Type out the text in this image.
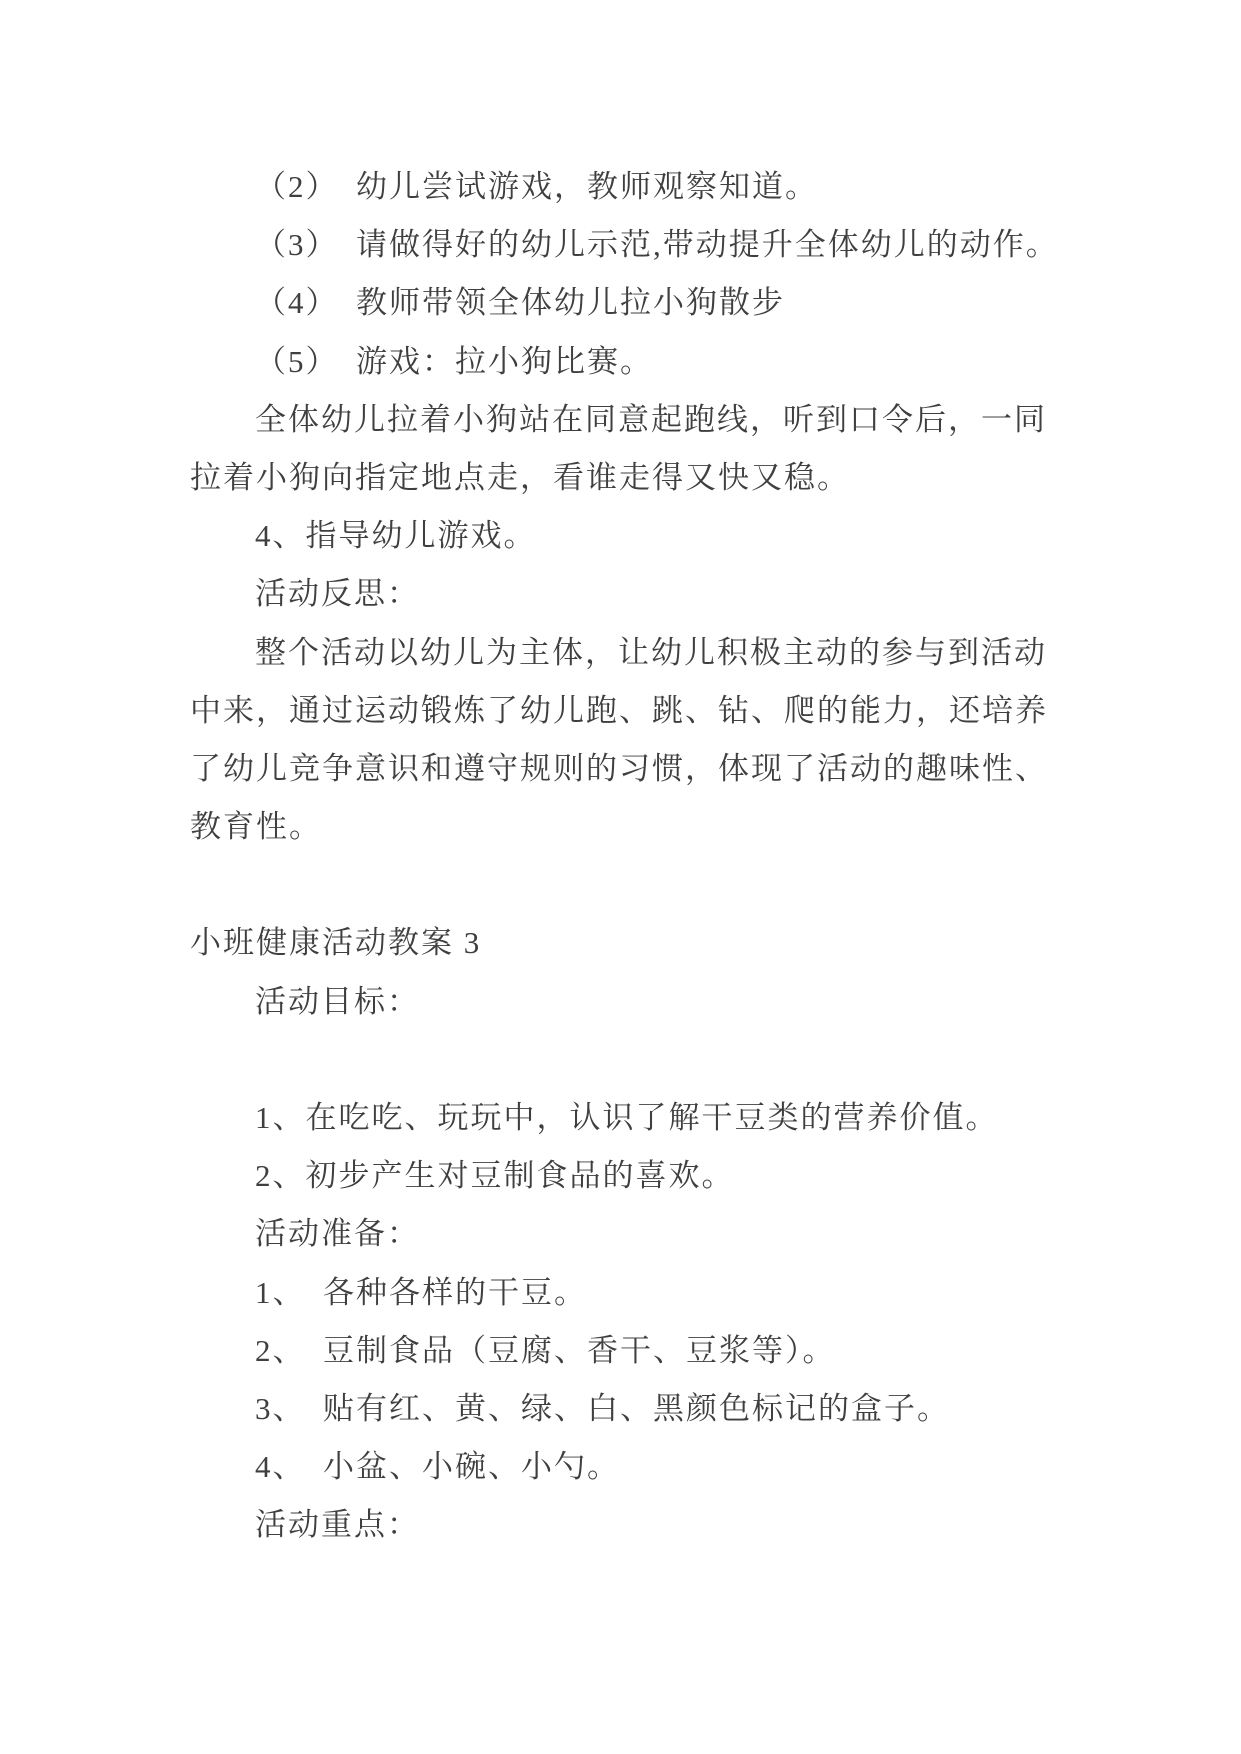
（2）　幼儿尝试游戏，教师观察知道。
（3）　请做得好的幼儿示范,带动提升全体幼儿的动作。
（4）　教师带领全体幼儿拉小狗散步
（5）　游戏：拉小狗比赛。
全体幼儿拉着小狗站在同意起跑线，听到口令后，一同
拉着小狗向指定地点走，看谁走得又快又稳。
4、指导幼儿游戏。
活动反思：
整个活动以幼儿为主体，让幼儿积极主动的参与到活动
中来，通过运动锻炼了幼儿跑、跳、钻、爬的能力，还培养
了幼儿竞争意识和遵守规则的习惯，体现了活动的趣味性、
教育性。
小班健康活动教案 3
活动目标：
1、在吃吃、玩玩中，认识了解干豆类的营养价值。
2、初步产生对豆制食品的喜欢。
活动准备：
1、　各种各样的干豆。
2、　豆制食品（豆腐、香干、豆浆等）。
3、　贴有红、黄、绿、白、黑颜色标记的盒子。
4、　小盆、小碗、小勺。
活动重点：
